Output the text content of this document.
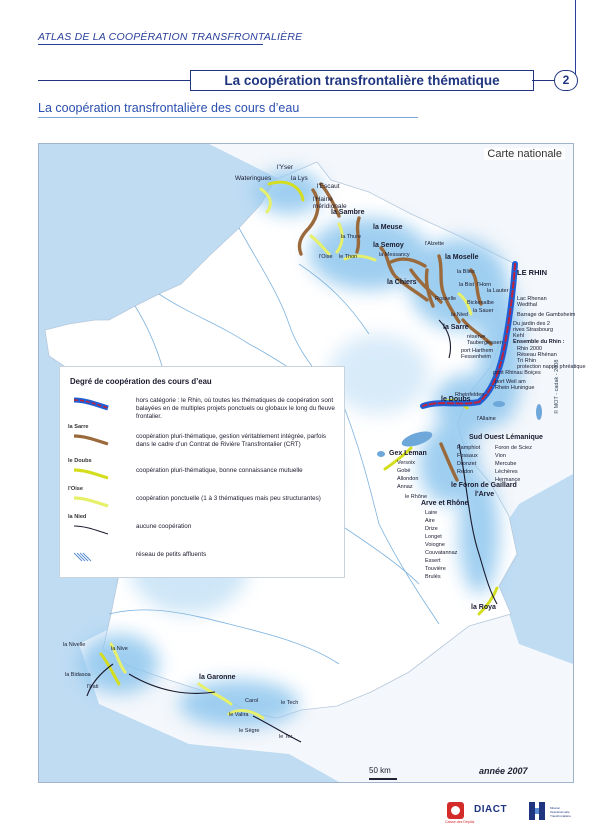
ATLAS DE LA COOPÉRATION TRANSFRONTALIÈRE
La coopération transfrontalière thématique	2
La coopération transfrontalière des cours d’eau
Carte nationale
© MOT - cadak - 2008
l'Yser
la Lys
Wateringues
l'Escaut
l'Haine méridionale
la Sambre
la Meuse
la Thure
l'Oise le Thon
la Semoy
la Messancy
la Chiers
l'Alzette
la Moselle
la Blies
l'Horn
la Bist
la Lauter
Rosselle
Bickenalbe
la Sauer
la Nied
la Sarre
LE RHIN
Lac Rhenan Wedthal
Barrage de Gambsheim
Du jardin des 2 rives Strasbourg Kehl
réserve Taubergiessen
port Harthem Fessenheim
pont Rhinau Boiçes
port Weil am Rhein Huningue
Rheinfelden
Ensemble du Rhin :
Rhin 2000
Réseau Rhénan
Tri Rhin
protection nappe phréatique
le Doubs
l'Allaine
Sud Ouest Lémanique
Pamphiot	Foron de Sciez
Fossaux	Vion
Dronzet	Mercube
Redon	Léchères
Hermance
Gex Leman
Versoix
Gobé
Allondon
Annaz
le Rhône
le Foron de Gaillard
Arve et Rhône
l'Arve
Laire
Aire
Drize
Longet
Voiogne
Couvatannaz
Essert
Touvière
Brulés
la Roya
la Nivelle
la Nive
la Bidasoa
l'Irati
la Garonne
Carol	le Tech
le Valira
le Sègre
le Ter
50 km	année 2007
Degré de coopération des cours d’eau
hors catégorie : le Rhin, où toutes les thématiques de coopération sont balayées en de multiples projets ponctuels ou globaux le long du fleuve frontalier.
la Sarre
coopération pluri-thématique, gestion véritablement intégrée, parfois dans le cadre d’un Contrat de Rivière Transfrontalier (CRT)
le Doubs
coopération pluri-thématique, bonne connaissance mutuelle
l'Oise
coopération ponctuelle (1 à 3 thématiques mais peu structurantes)
la Nied
aucune coopération
réseau de petits affluents
Caisse des Dépôts
DIACT	Mission Opérationnelle Transfrontalière
